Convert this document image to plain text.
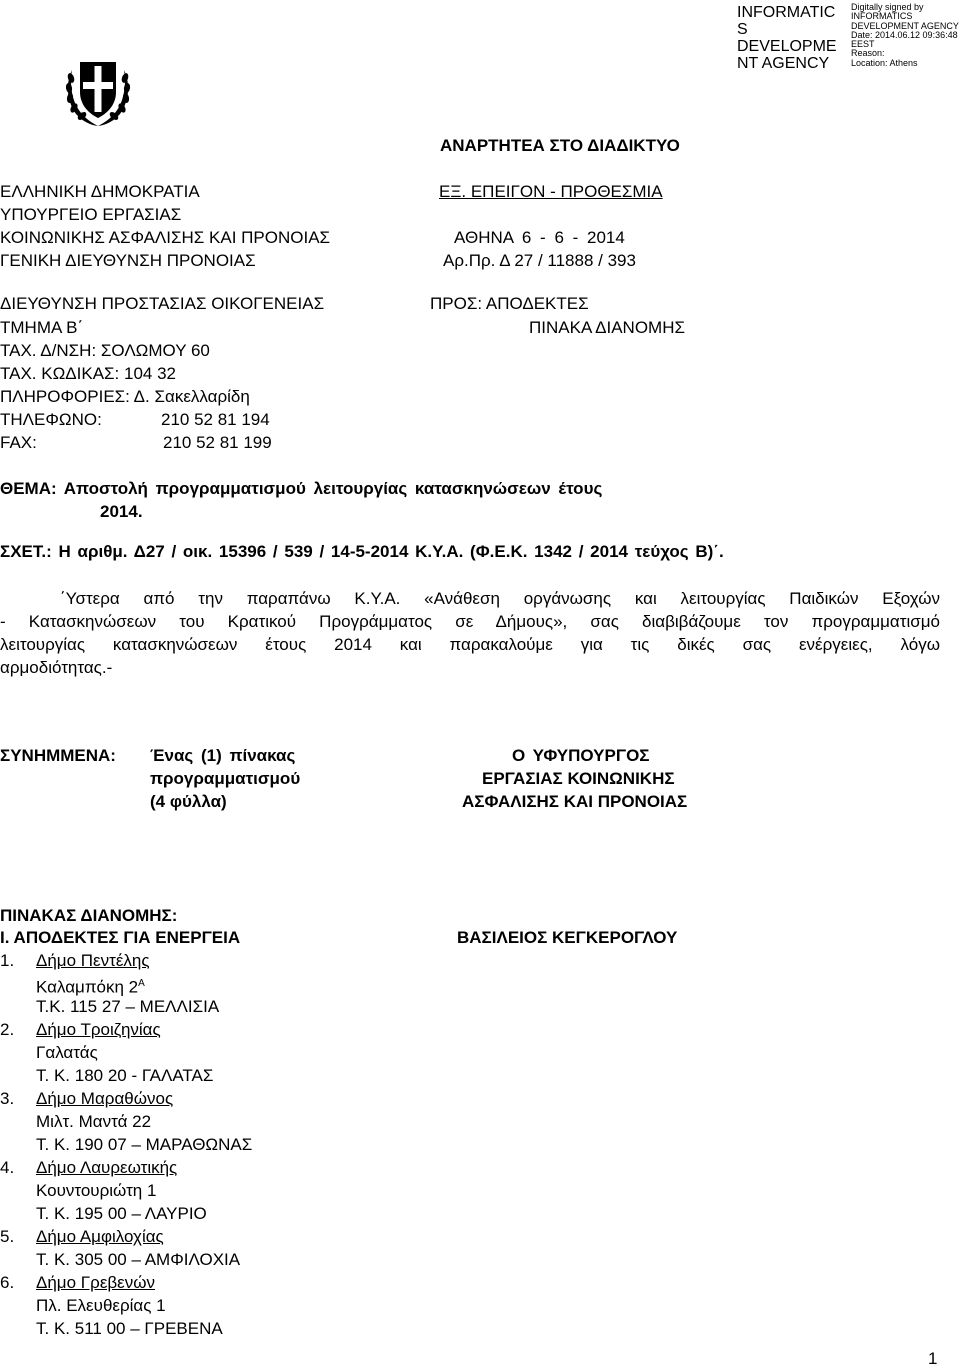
INFORMATIC
S
DEVELOPME
NT AGENCY
Digitally signed by
INFORMATICS
DEVELOPMENT AGENCY
Date: 2014.06.12 09:36:48
EEST
Reason:
Location: Athens
ΑΝΑΡΤΗΤΕΑ ΣΤΟ ΔΙΑΔΙΚΤΥΟ
ΕΛΛΗΝΙΚΗ ΔΗΜΟΚΡΑΤΙΑ
ΥΠΟΥΡΓΕΙΟ ΕΡΓΑΣΙΑΣ
ΚΟΙΝΩΝΙΚΗΣ ΑΣΦΑΛΙΣΗΣ ΚΑΙ ΠΡΟΝΟΙΑΣ
ΓΕΝΙΚΗ ΔΙΕΥΘΥΝΣΗ ΠΡΟΝΟΙΑΣ
ΔΙΕΥΘΥΝΣΗ ΠΡΟΣΤΑΣΙΑΣ ΟΙΚΟΓΕΝΕΙΑΣ
ΤΜΗΜΑ Β΄
ΤΑΧ. Δ/ΝΣΗ: ΣΟΛΩΜΟΥ 60
ΤΑΧ. ΚΩΔΙΚΑΣ: 104 32
ΠΛΗΡΟΦΟΡΙΕΣ: Δ. Σακελλαρίδη
ΤΗΛΕΦΩΝΟ:	210 52 81 194
FAX:	210 52 81 199
ΕΞ. ΕΠΕΙΓΟΝ - ΠΡΟΘΕΣΜΙΑ
ΑΘΗΝΑ 6 - 6 - 2014
Αρ.Πρ. Δ 27 / 11888 / 393
ΠΡΟΣ: ΑΠΟΔΕΚΤΕΣ
ΠΙΝΑΚΑ ΔΙΑΝΟΜΗΣ
ΘΕΜΑ: Αποστολή προγραμματισμού λειτουργίας κατασκηνώσεων έτους
2014.
ΣΧΕΤ.: Η αριθμ. Δ27 / οικ. 15396 / 539 / 14-5-2014 Κ.Υ.Α. (Φ.Ε.Κ. 1342 / 2014 τεύχος Β)΄.
΄Υστερα από την παραπάνω Κ.Υ.Α. «Ανάθεση οργάνωσης και λειτουργίας Παιδικών Εξοχών
- Κατασκηνώσεων του Κρατικού Προγράμματος σε Δήμους», σας διαβιβάζουμε τον προγραμματισμό
λειτουργίας κατασκηνώσεων έτους 2014 και παρακαλούμε για τις δικές σας ενέργειες, λόγω
αρμοδιότητας.-
ΣΥΝΗΜΜΕΝΑ: Ένας (1) πίνακας
προγραμματισμού
(4 φύλλα)
Ο ΥΦΥΠΟΥΡΓΟΣ
ΕΡΓΑΣΙΑΣ ΚΟΙΝΩΝΙΚΗΣ
ΑΣΦΑΛΙΣΗΣ ΚΑΙ ΠΡΟΝΟΙΑΣ
ΒΑΣΙΛΕΙΟΣ ΚΕΓΚΕΡΟΓΛΟΥ
ΠΙΝΑΚΑΣ ΔΙΑΝΟΜΗΣ:
Ι. ΑΠΟΔΕΚΤΕΣ ΓΙΑ ΕΝΕΡΓΕΙΑ
1. Δήμο Πεντέλης
Καλαμπόκη $2^A$
Τ.Κ. 115 27 – ΜΕΛΛΙΣΙΑ
2. Δήμο Τροιζηνίας
Γαλατάς
Τ. Κ. 180 20 - ΓΑΛΑΤΑΣ
3. Δήμο Μαραθώνος
Μιλτ. Μαντά 22
Τ. Κ. 190 07 – ΜΑΡΑΘΩΝΑΣ
4. Δήμο Λαυρεωτικής
Κουντουριώτη 1
Τ. Κ. 195 00 – ΛΑΥΡΙΟ
5. Δήμο Αμφιλοχίας
Τ. Κ. 305 00 – ΑΜΦΙΛΟΧΙΑ
6. Δήμο Γρεβενών
Πλ. Ελευθερίας 1
Τ. Κ. 511 00 – ΓΡΕΒΕΝΑ
1
